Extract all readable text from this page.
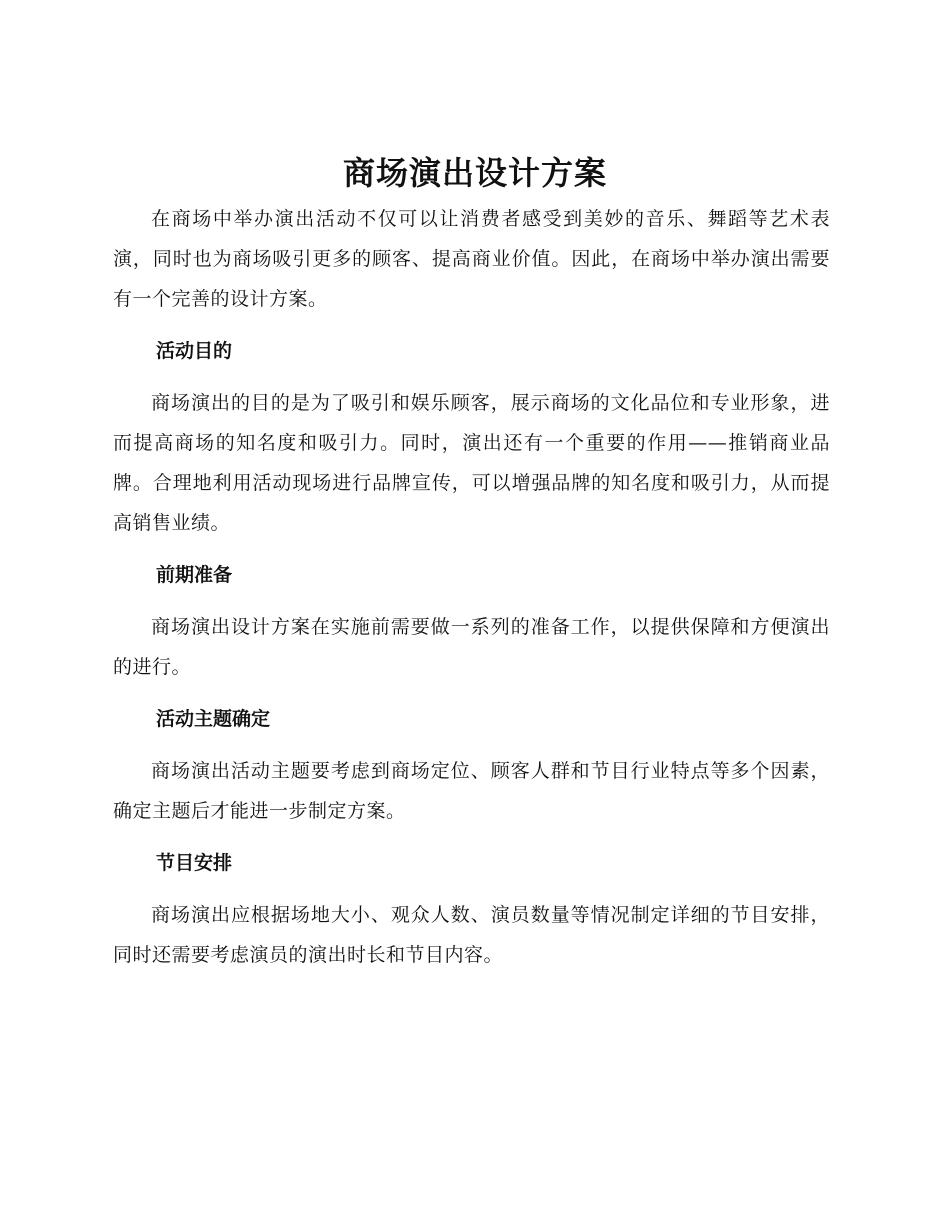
商场演出设计方案

在商场中举办演出活动不仅可以让消费者感受到美妙的音乐、舞蹈等艺术表演，同时也为商场吸引更多的顾客、提高商业价值。因此，在商场中举办演出需要有一个完善的设计方案。

活动目的

商场演出的目的是为了吸引和娱乐顾客，展示商场的文化品位和专业形象，进而提高商场的知名度和吸引力。同时，演出还有一个重要的作用——推销商业品牌。合理地利用活动现场进行品牌宣传，可以增强品牌的知名度和吸引力，从而提高销售业绩。

前期准备

商场演出设计方案在实施前需要做一系列的准备工作，以提供保障和方便演出的进行。

活动主题确定

商场演出活动主题要考虑到商场定位、顾客人群和节目行业特点等多个因素，确定主题后才能进一步制定方案。

节目安排

商场演出应根据场地大小、观众人数、演员数量等情况制定详细的节目安排，同时还需要考虑演员的演出时长和节目内容。
